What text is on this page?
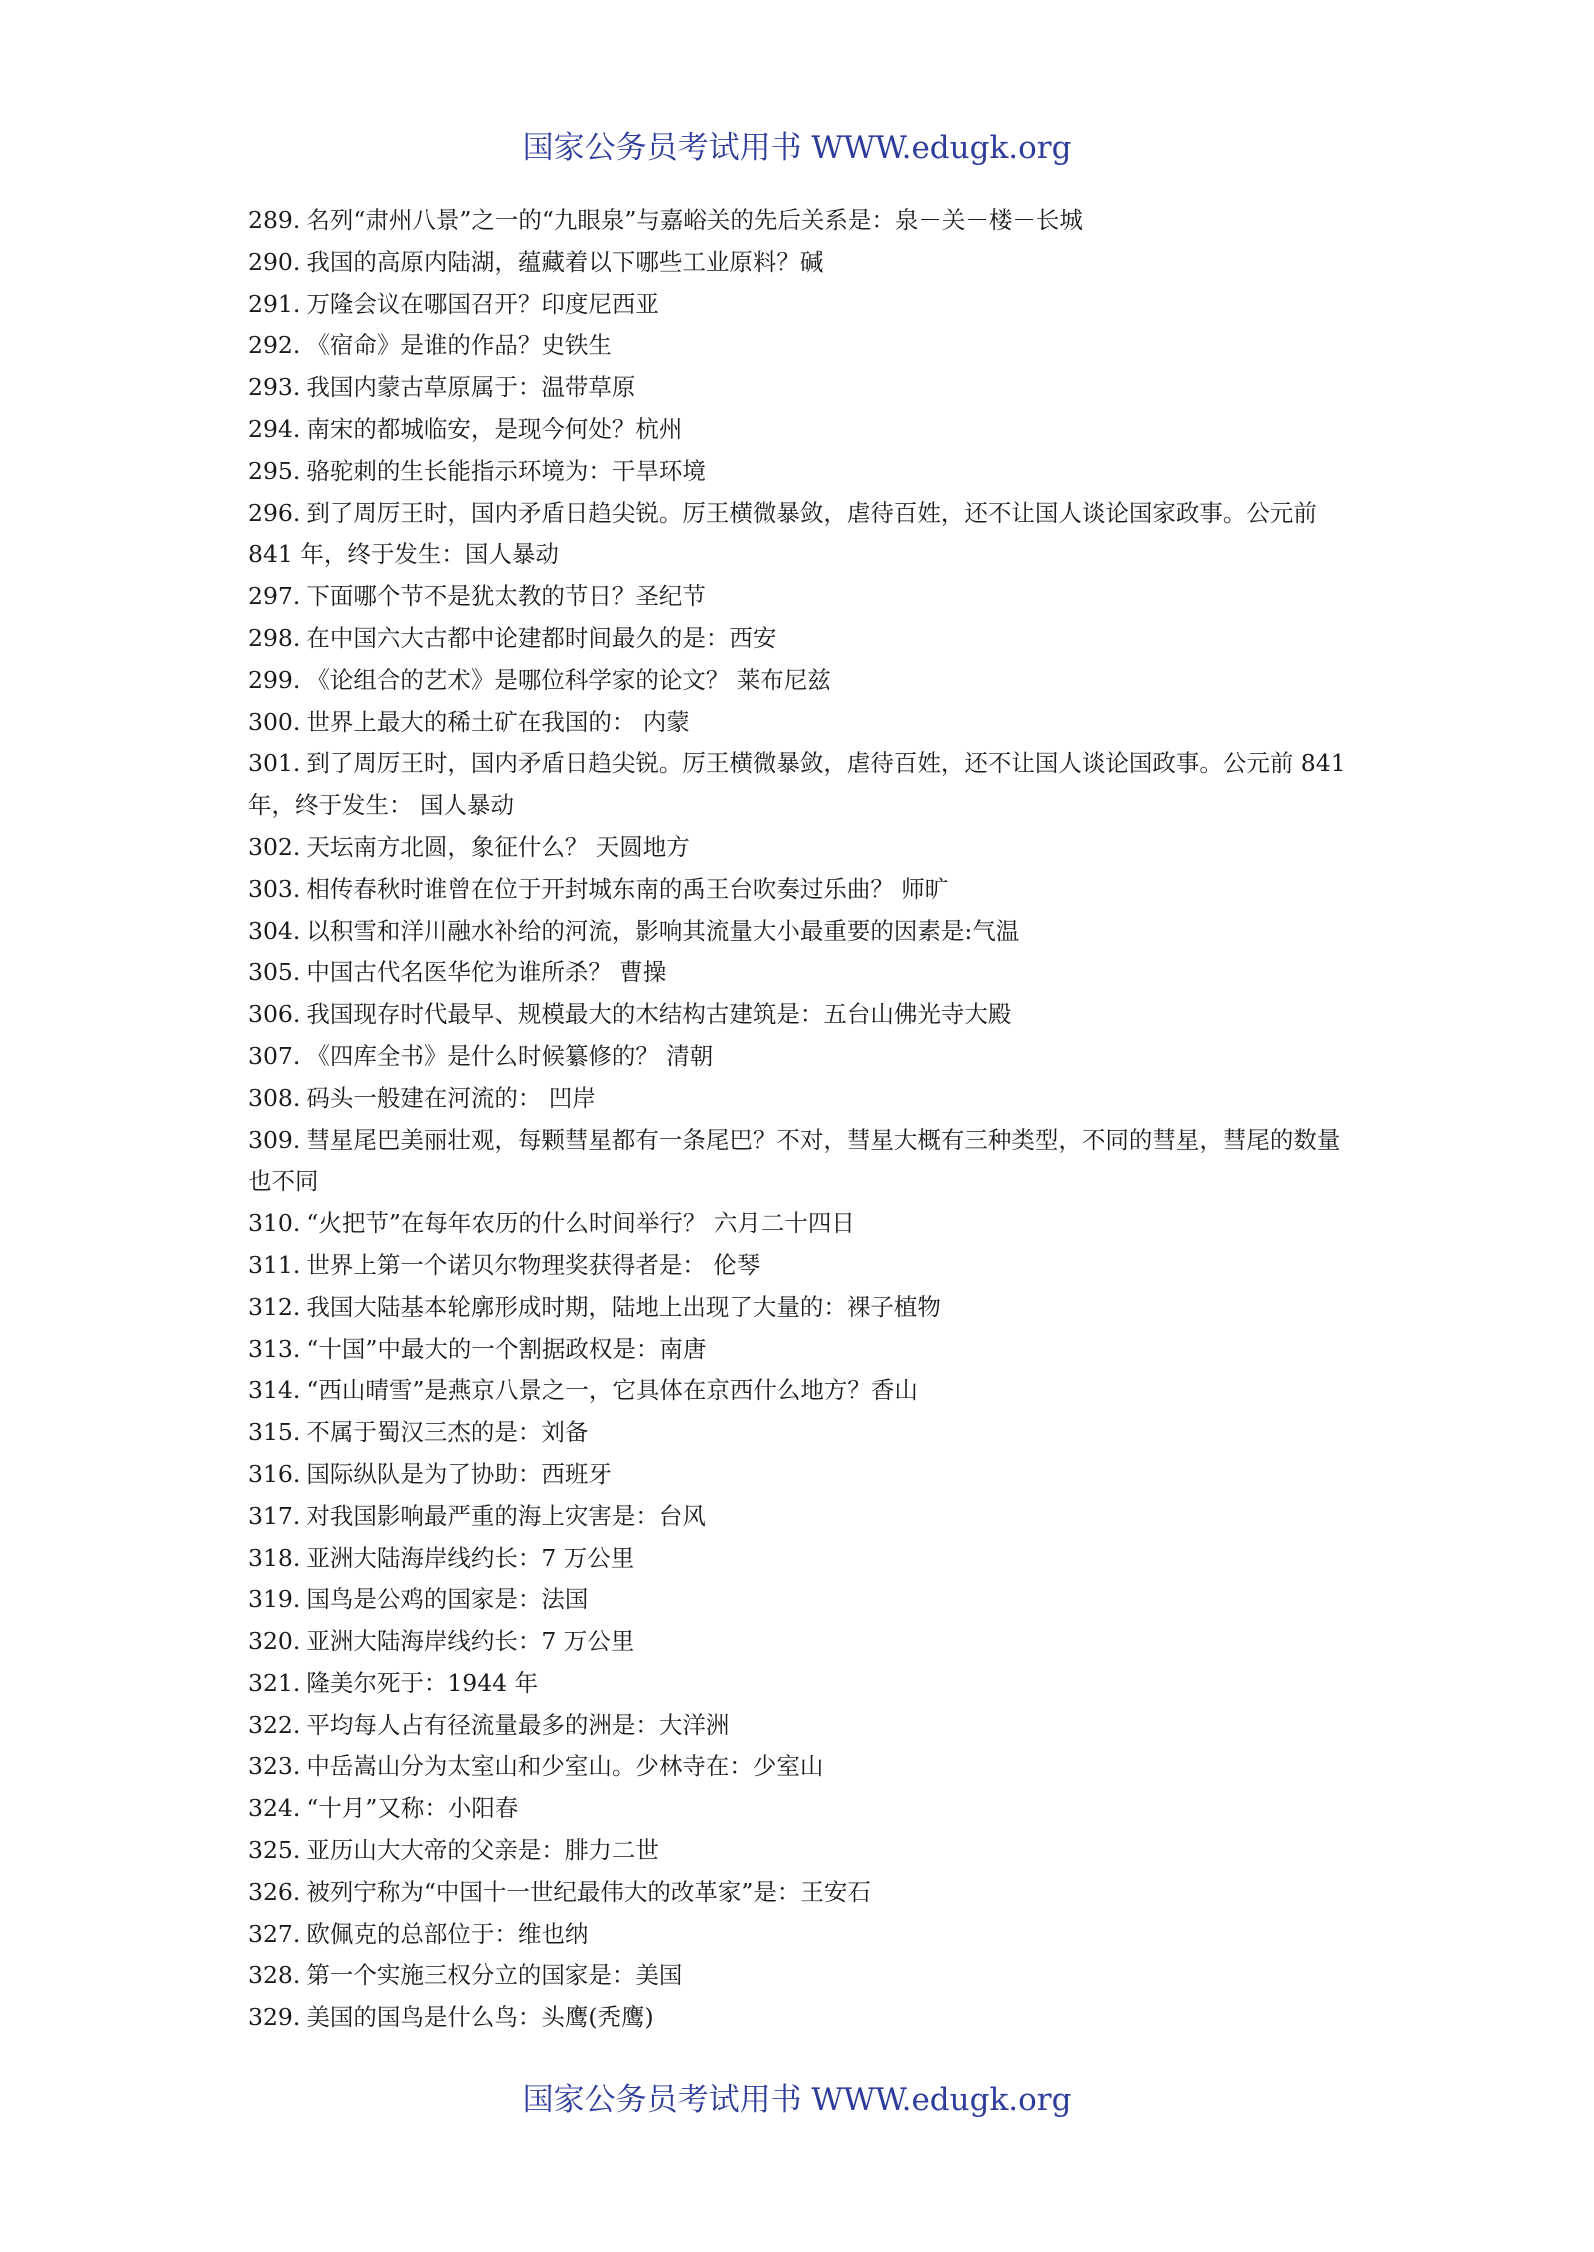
国家公务员考试用书 WWW.edugk.org
289. 名列“肃州八景”之一的“九眼泉”与嘉峪关的先后关系是：泉－关－楼－长城
290. 我国的高原内陆湖，蕴藏着以下哪些工业原料？碱
291. 万隆会议在哪国召开？印度尼西亚
292. 《宿命》是谁的作品？史铁生
293. 我国内蒙古草原属于：温带草原
294. 南宋的都城临安，是现今何处？杭州
295. 骆驼刺的生长能指示环境为：干旱环境
296. 到了周厉王时，国内矛盾日趋尖锐。厉王横微暴敛，虐待百姓，还不让国人谈论国家政事。公元前 841 年，终于发生：国人暴动
297. 下面哪个节不是犹太教的节日？圣纪节
298. 在中国六大古都中论建都时间最久的是：西安
299. 《论组合的艺术》是哪位科学家的论文？ 莱布尼兹
300. 世界上最大的稀土矿在我国的： 内蒙
301. 到了周厉王时，国内矛盾日趋尖锐。厉王横微暴敛，虐待百姓，还不让国人谈论国政事。公元前 841 年，终于发生： 国人暴动
302. 天坛南方北圆，象征什么？ 天圆地方
303. 相传春秋时谁曾在位于开封城东南的禹王台吹奏过乐曲？ 师旷
304. 以积雪和洋川融水补给的河流，影响其流量大小最重要的因素是:气温
305. 中国古代名医华佗为谁所杀？ 曹操
306. 我国现存时代最早、规模最大的木结构古建筑是：五台山佛光寺大殿
307. 《四库全书》是什么时候纂修的？ 清朝
308. 码头一般建在河流的： 凹岸
309. 彗星尾巴美丽壮观，每颗彗星都有一条尾巴？不对，彗星大概有三种类型，不同的彗星，彗尾的数量也不同
310. “火把节”在每年农历的什么时间举行？ 六月二十四日
311. 世界上第一个诺贝尔物理奖获得者是： 伦琴
312. 我国大陆基本轮廓形成时期，陆地上出现了大量的：裸子植物
313. “十国”中最大的一个割据政权是：南唐
314. “西山晴雪”是燕京八景之一，它具体在京西什么地方？香山
315. 不属于蜀汉三杰的是：刘备
316. 国际纵队是为了协助：西班牙
317. 对我国影响最严重的海上灾害是：台风
318. 亚洲大陆海岸线约长：7 万公里
319. 国鸟是公鸡的国家是：法国
320. 亚洲大陆海岸线约长：7 万公里
321. 隆美尔死于：1944 年
322. 平均每人占有径流量最多的洲是：大洋洲
323. 中岳嵩山分为太室山和少室山。少林寺在：少室山
324. “十月”又称：小阳春
325. 亚历山大大帝的父亲是：腓力二世
326. 被列宁称为“中国十一世纪最伟大的改革家”是：王安石
327. 欧佩克的总部位于：维也纳
328. 第一个实施三权分立的国家是：美国
329. 美国的国鸟是什么鸟：头鹰(秃鹰)
国家公务员考试用书 WWW.edugk.org
